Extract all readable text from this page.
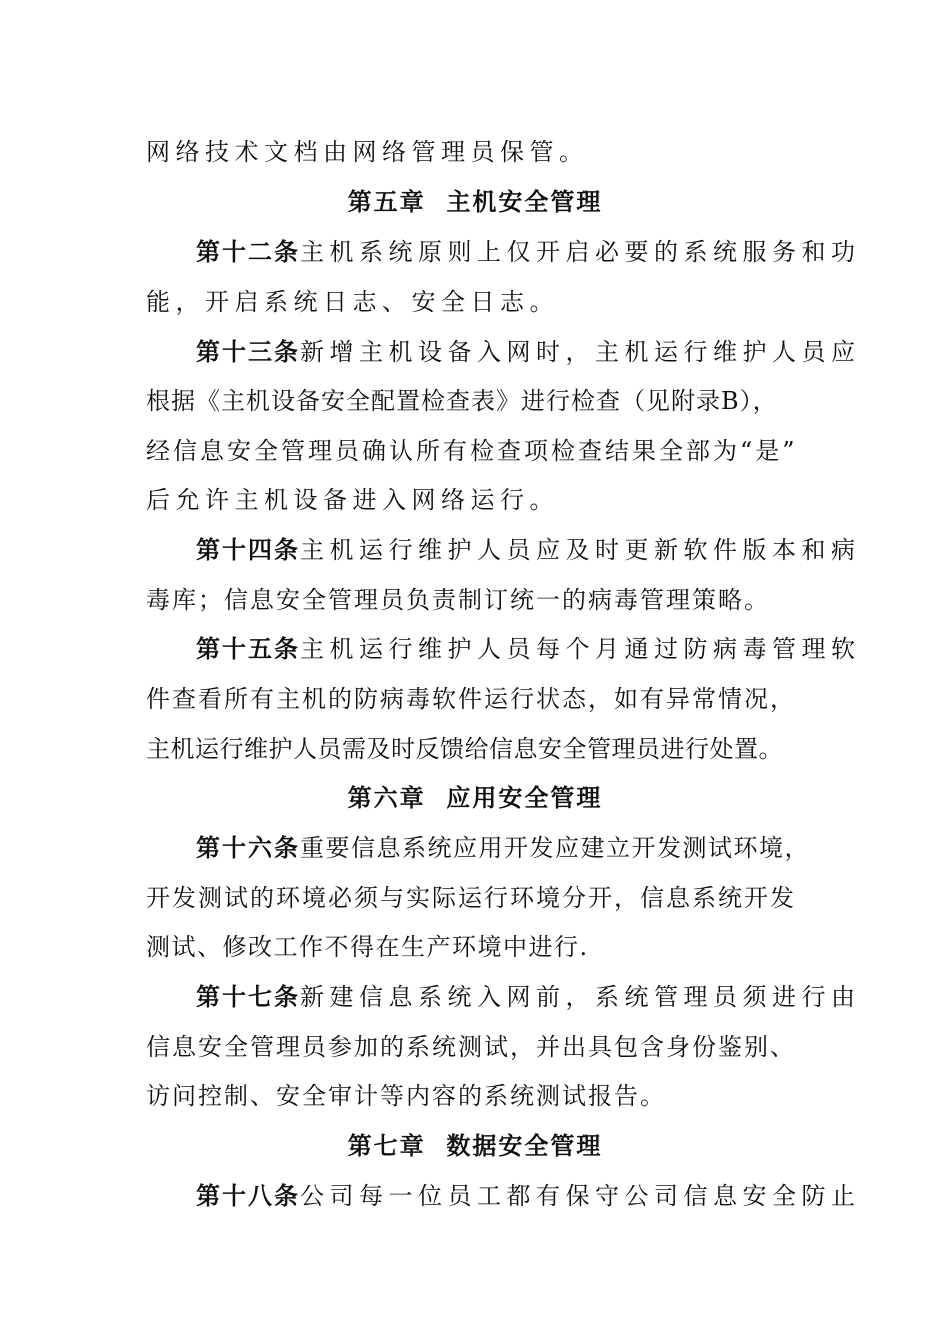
网络技术文档由网络管理员保管。
第五章  主机安全管理
第十二条主机系统原则上仅开启必要的系统服务和功
能，开启系统日志、安全日志。
第十三条新增主机设备入网时，主机运行维护人员应
根据《主机设备安全配置检查表》进行检查（见附录B），
经信息安全管理员确认所有检查项检查结果全部为“是”
后允许主机设备进入网络运行。
第十四条主机运行维护人员应及时更新软件版本和病
毒库；信息安全管理员负责制订统一的病毒管理策略。
第十五条主机运行维护人员每个月通过防病毒管理软
件查看所有主机的防病毒软件运行状态，如有异常情况，
主机运行维护人员需及时反馈给信息安全管理员进行处置。
第六章  应用安全管理
第十六条重要信息系统应用开发应建立开发测试环境，
开发测试的环境必须与实际运行环境分开，信息系统开发
测试、修改工作不得在生产环境中进行.
第十七条新建信息系统入网前，系统管理员须进行由
信息安全管理员参加的系统测试，并出具包含身份鉴别、
访问控制、安全审计等内容的系统测试报告。
第七章  数据安全管理
第十八条公司每一位员工都有保守公司信息安全防止
